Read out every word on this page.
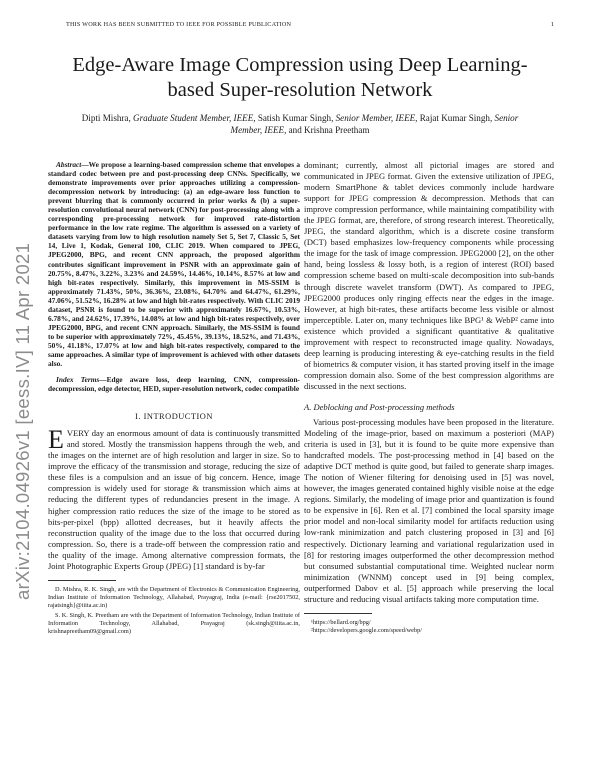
THIS WORK HAS BEEN SUBMITTED TO IEEE FOR POSSIBLE PUBLICATION	1
arXiv:2104.04926v1 [eess.IV] 11 Apr 2021
Edge-Aware Image Compression using Deep Learning-based Super-resolution Network
Dipti Mishra, Graduate Student Member, IEEE, Satish Kumar Singh, Senior Member, IEEE, Rajat Kumar Singh, Senior Member, IEEE, and Krishna Preetham

Abstract—We propose a learning-based compression scheme that envelopes a standard codec between pre and post-processing deep CNNs. Specifically, we demonstrate improvements over prior approaches utilizing a compression-decompression network by introducing: (a) an edge-aware loss function to prevent blurring that is commonly occurred in prior works & (b) a super-resolution convolutional neural network (CNN) for post-processing along with a corresponding pre-processing network for improved rate-distortion performance in the low rate regime. The algorithm is assessed on a variety of datasets varying from low to high resolution namely Set 5, Set 7, Classic 5, Set 14, Live 1, Kodak, General 100, CLIC 2019. When compared to JPEG, JPEG2000, BPG, and recent CNN approach, the proposed algorithm contributes significant improvement in PSNR with an approximate gain of 20.75%, 8.47%, 3.22%, 3.23% and 24.59%, 14.46%, 10.14%, 8.57% at low and high bit-rates respectively. Similarly, this improvement in MS-SSIM is approximately 71.43%, 50%, 36.36%, 23.08%, 64.70% and 64.47%, 61.29%, 47.06%, 51.52%, 16.28% at low and high bit-rates respectively. With CLIC 2019 dataset, PSNR is found to be superior with approximately 16.67%, 10.53%, 6.78%, and 24.62%, 17.39%, 14.08% at low and high bit-rates respectively, over JPEG2000, BPG, and recent CNN approach. Similarly, the MS-SSIM is found to be superior with approximately 72%, 45.45%, 39.13%, 18.52%, and 71.43%, 50%, 41.18%, 17.07% at low and high bit-rates respectively, compared to the same approaches. A similar type of improvement is achieved with other datasets also.

Index Terms—Edge aware loss, deep learning, CNN, compression-decompression, edge detector, HED, super-resolution network, codec compatible

I. INTRODUCTION

EVERY day an enormous amount of data is continuously transmitted and stored. Mostly the transmission happens through the web, and the images on the internet are of high resolution and larger in size. So to improve the efficacy of the transmission and storage, reducing the size of these files is a compulsion and an issue of big concern. Hence, image compression is widely used for storage & transmission which aims at reducing the different types of redundancies present in the image. A higher compression ratio reduces the size of the image to be stored as bits-per-pixel (bpp) allotted decreases, but it heavily affects the reconstruction quality of the image due to the loss that occurred during compression. So, there is a trade-off between the compression ratio and the quality of the image. Among alternative compression formats, the Joint Photographic Experts Group (JPEG) [1] standard is by-far

D. Mishra, R. K. Singh, are with the Department of Electronics & Communication Engineering, Indian Institute of Information Technology, Allahabad, Prayagraj, India (e-mail: {rse2017502, rajatsingh}@iiita.ac.in)

S. K. Singh, K. Preetham are with the Department of Information Technology, Indian Institute of Information Technology, Allahabad, Prayagraj (sk.singh@iiita.ac.in, krishnapreetham09@gmail.com)

dominant; currently, almost all pictorial images are stored and communicated in JPEG format. Given the extensive utilization of JPEG, modern SmartPhone & tablet devices commonly include hardware support for JPEG compression & decompression. Methods that can improve compression performance, while maintaining compatibility with the JPEG format, are, therefore, of strong research interest. Theoretically, JPEG, the standard algorithm, which is a discrete cosine transform (DCT) based emphasizes low-frequency components while processing the image for the task of image compression. JPEG2000 [2], on the other hand, being lossless & lossy both, is a region of interest (ROI) based compression scheme based on multi-scale decomposition into sub-bands through discrete wavelet transform (DWT). As compared to JPEG, JPEG2000 produces only ringing effects near the edges in the image. However, at high bit-rates, these artifacts become less visible or almost imperceptible. Later on, many techniques like BPG¹ & WebP² came into existence which provided a significant quantitative & qualitative improvement with respect to reconstructed image quality. Nowadays, deep learning is producing interesting & eye-catching results in the field of biometrics & computer vision, it has started proving itself in the image compression domain also. Some of the best compression algorithms are discussed in the next sections.

A. Deblocking and Post-processing methods

Various post-processing modules have been proposed in the literature. Modeling of the image-prior, based on maximum a posteriori (MAP) criteria is used in [3], but it is found to be quite more expensive than handcrafted models. The post-processing method in [4] based on the adaptive DCT method is quite good, but failed to generate sharp images. The notion of Wiener filtering for denoising used in [5] was novel, however, the images generated contained highly visible noise at the edge regions. Similarly, the modeling of image prior and quantization is found to be expensive in [6]. Ren et al. [7] combined the local sparsity image prior model and non-local similarity model for artifacts reduction using low-rank minimization and patch clustering proposed in [3] and [6] respectively. Dictionary learning and variational regularization used in [8] for restoring images outperformed the other decompression method but consumed substantial computational time. Weighted nuclear norm minimization (WNNM) concept used in [9] being complex, outperformed Dabov et al. [5] approach while preserving the local structure and reducing visual artifacts taking more computation time.

¹https://bellard.org/bpg/

²https://developers.google.com/speed/webp/
